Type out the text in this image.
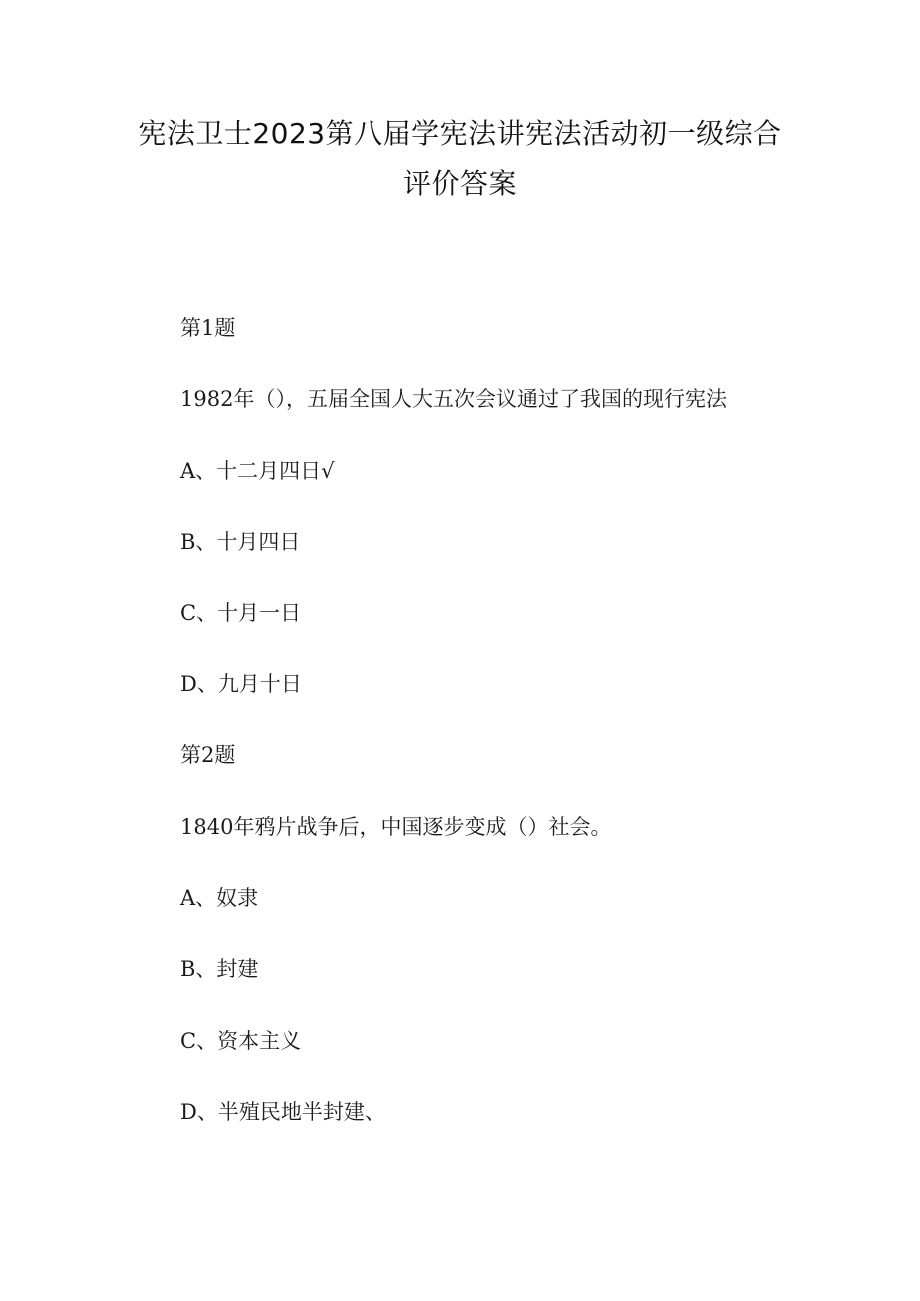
宪法卫士2023第八届学宪法讲宪法活动初一级综合
评价答案
第1题
1982年（），五届全国人大五次会议通过了我国的现行宪法
A、十二月四日√
B、十月四日
C、十月一日
D、九月十日
第2题
1840年鸦片战争后，中国逐步变成（）社会。
A、奴隶
B、封建
C、资本主义
D、半殖民地半封建、
